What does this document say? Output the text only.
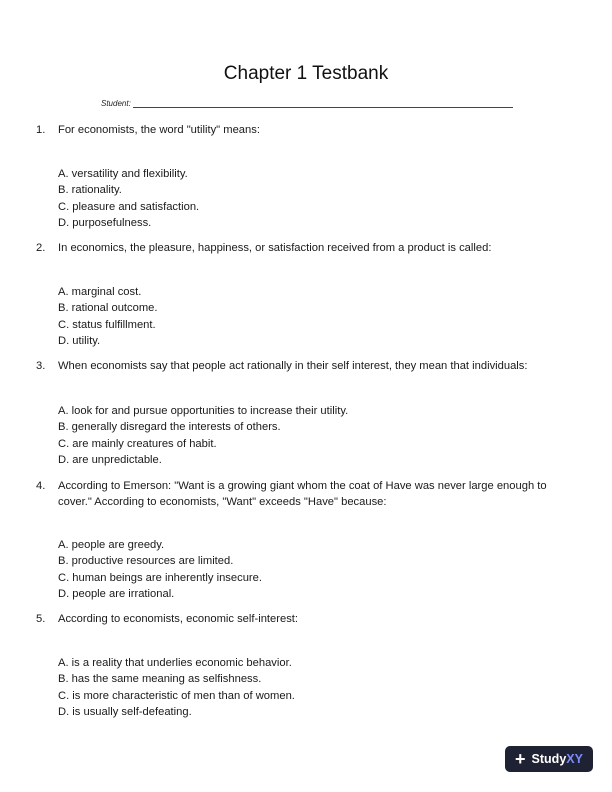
Chapter 1 Testbank
Student:
1.	For economists, the word "utility" means:
A. versatility and flexibility.
B. rationality.
C. pleasure and satisfaction.
D. purposefulness.
2.	In economics, the pleasure, happiness, or satisfaction received from a product is called:
A. marginal cost.
B. rational outcome.
C. status fulfillment.
D. utility.
3.	When economists say that people act rationally in their self interest, they mean that individuals:
A. look for and pursue opportunities to increase their utility.
B. generally disregard the interests of others.
C. are mainly creatures of habit.
D. are unpredictable.
4.	According to Emerson: "Want is a growing giant whom the coat of Have was never large enough to cover." According to economists, "Want" exceeds "Have" because:
A. people are greedy.
B. productive resources are limited.
C. human beings are inherently insecure.
D. people are irrational.
5.	According to economists, economic self-interest:
A. is a reality that underlies economic behavior.
B. has the same meaning as selfishness.
C. is more characteristic of men than of women.
D. is usually self-defeating.
+ StudyXY
